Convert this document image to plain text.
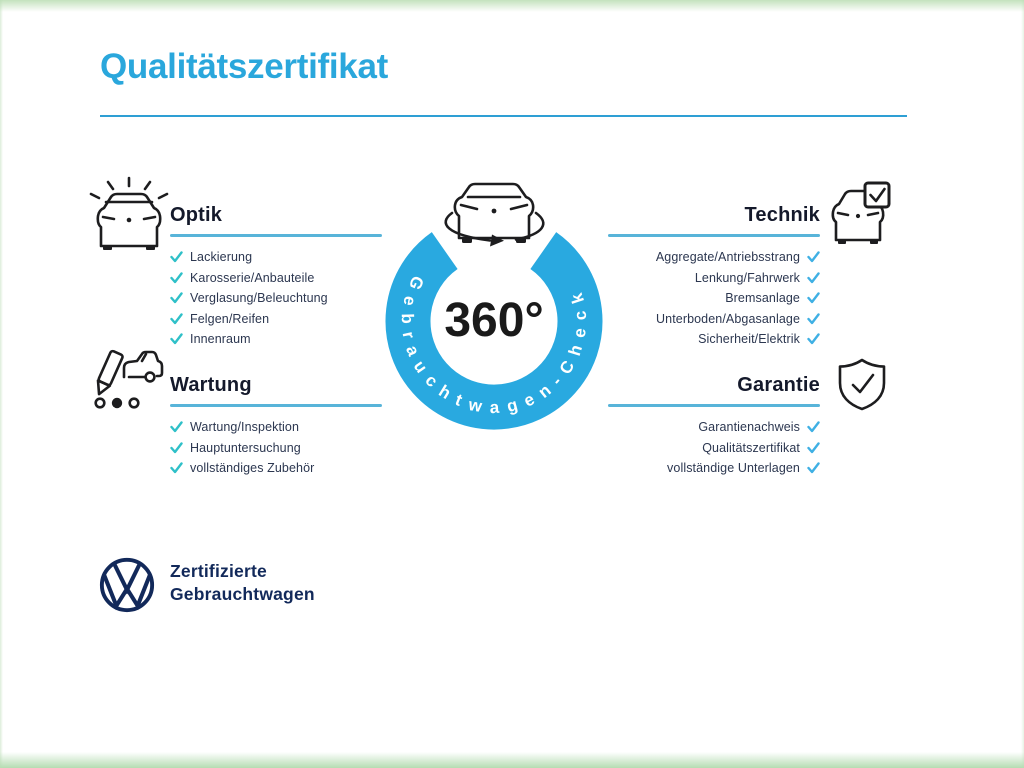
Qualitätszertifikat
Optik
Lackierung
Karosserie/Anbauteile
Verglasung/Beleuchtung
Felgen/Reifen
Innenraum
Wartung
Wartung/Inspektion
Hauptuntersuchung
vollständiges Zubehör
Technik
Aggregate/Antriebsstrang
Lenkung/Fahrwerk
Bremsanlage
Unterboden/Abgasanlage
Sicherheit/Elektrik
Garantie
Garantienachweis
Qualitätszertifikat
vollständige Unterlagen
Gebrauchtwagen-Check
360°
Zertifizierte
Gebrauchtwagen
